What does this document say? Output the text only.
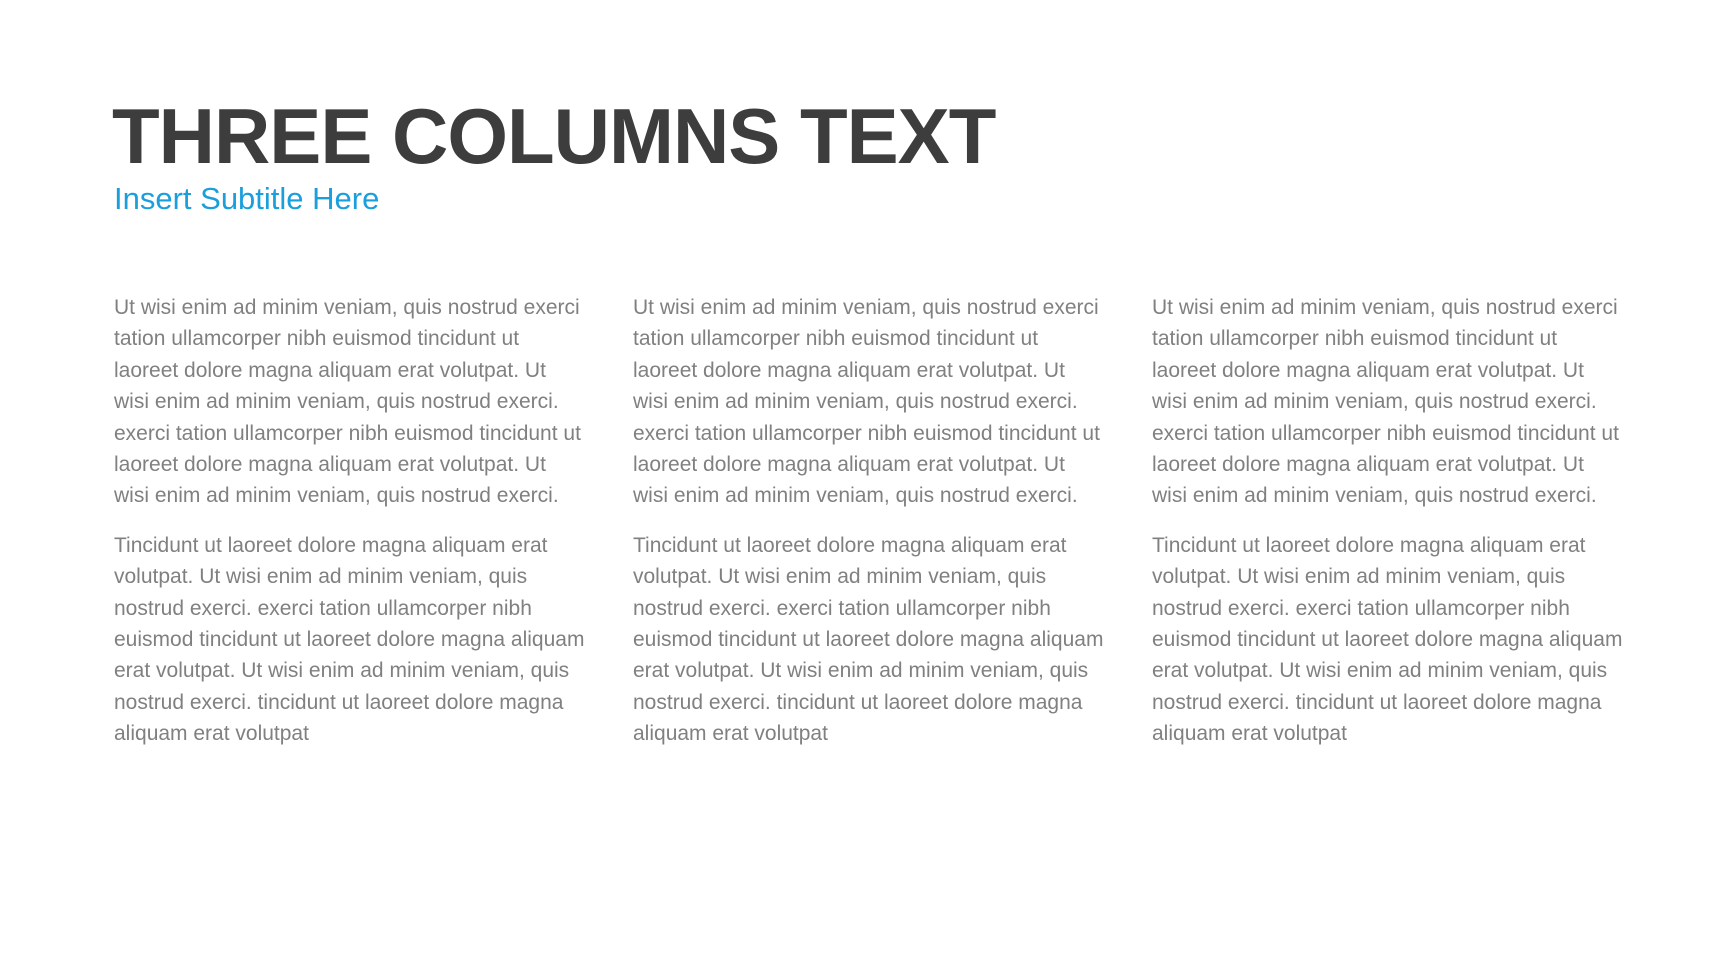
THREE COLUMNS TEXT
Insert Subtitle Here

Ut wisi enim ad minim veniam, quis nostrud exerci tation ullamcorper nibh euismod tincidunt ut laoreet dolore magna aliquam erat volutpat. Ut wisi enim ad minim veniam, quis nostrud exerci. exerci tation ullamcorper nibh euismod tincidunt ut laoreet dolore magna aliquam erat volutpat. Ut wisi enim ad minim veniam, quis nostrud exerci.

Tincidunt ut laoreet dolore magna aliquam erat volutpat. Ut wisi enim ad minim veniam, quis nostrud exerci. exerci tation ullamcorper nibh euismod tincidunt ut laoreet dolore magna aliquam erat volutpat. Ut wisi enim ad minim veniam, quis nostrud exerci. tincidunt ut laoreet dolore magna aliquam erat volutpat

Ut wisi enim ad minim veniam, quis nostrud exerci tation ullamcorper nibh euismod tincidunt ut laoreet dolore magna aliquam erat volutpat. Ut wisi enim ad minim veniam, quis nostrud exerci. exerci tation ullamcorper nibh euismod tincidunt ut laoreet dolore magna aliquam erat volutpat. Ut wisi enim ad minim veniam, quis nostrud exerci.

Tincidunt ut laoreet dolore magna aliquam erat volutpat. Ut wisi enim ad minim veniam, quis nostrud exerci. exerci tation ullamcorper nibh euismod tincidunt ut laoreet dolore magna aliquam erat volutpat. Ut wisi enim ad minim veniam, quis nostrud exerci. tincidunt ut laoreet dolore magna aliquam erat volutpat

Ut wisi enim ad minim veniam, quis nostrud exerci tation ullamcorper nibh euismod tincidunt ut laoreet dolore magna aliquam erat volutpat. Ut wisi enim ad minim veniam, quis nostrud exerci. exerci tation ullamcorper nibh euismod tincidunt ut laoreet dolore magna aliquam erat volutpat. Ut wisi enim ad minim veniam, quis nostrud exerci.

Tincidunt ut laoreet dolore magna aliquam erat volutpat. Ut wisi enim ad minim veniam, quis nostrud exerci. exerci tation ullamcorper nibh euismod tincidunt ut laoreet dolore magna aliquam erat volutpat. Ut wisi enim ad minim veniam, quis nostrud exerci. tincidunt ut laoreet dolore magna aliquam erat volutpat
